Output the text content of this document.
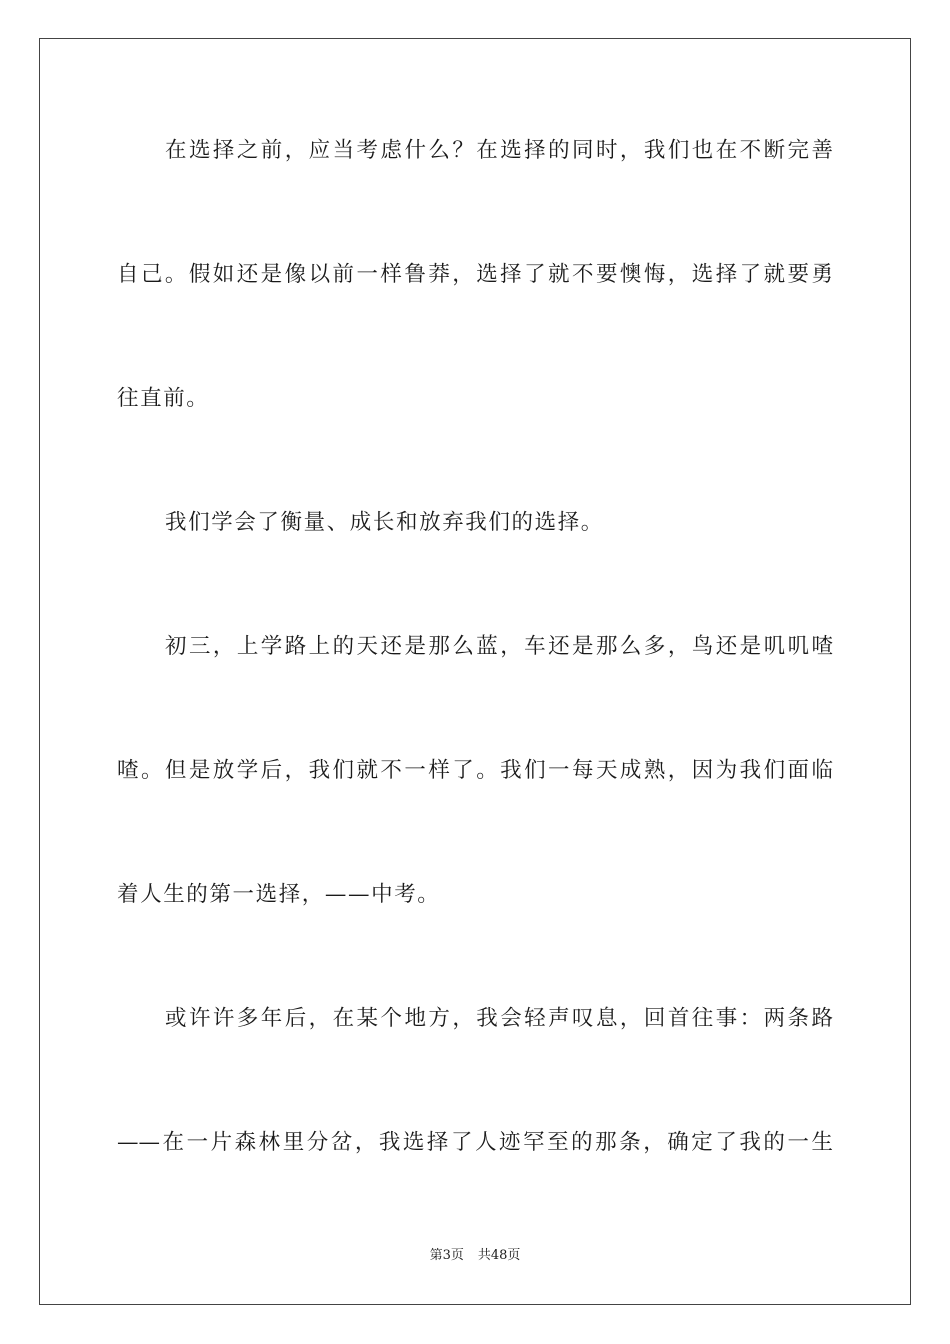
在选择之前，应当考虑什么？在选择的同时，我们也在不断完善
自己。假如还是像以前一样鲁莽，选择了就不要懊悔，选择了就要勇
往直前。
我们学会了衡量、成长和放弃我们的选择。
初三，上学路上的天还是那么蓝，车还是那么多，鸟还是叽叽喳
喳。但是放学后，我们就不一样了。我们一每天成熟，因为我们面临
着人生的第一选择，——中考。
或许许多年后，在某个地方，我会轻声叹息，回首往事：两条路
——在一片森林里分岔，我选择了人迹罕至的那条，确定了我的一生
第3页 共48页
